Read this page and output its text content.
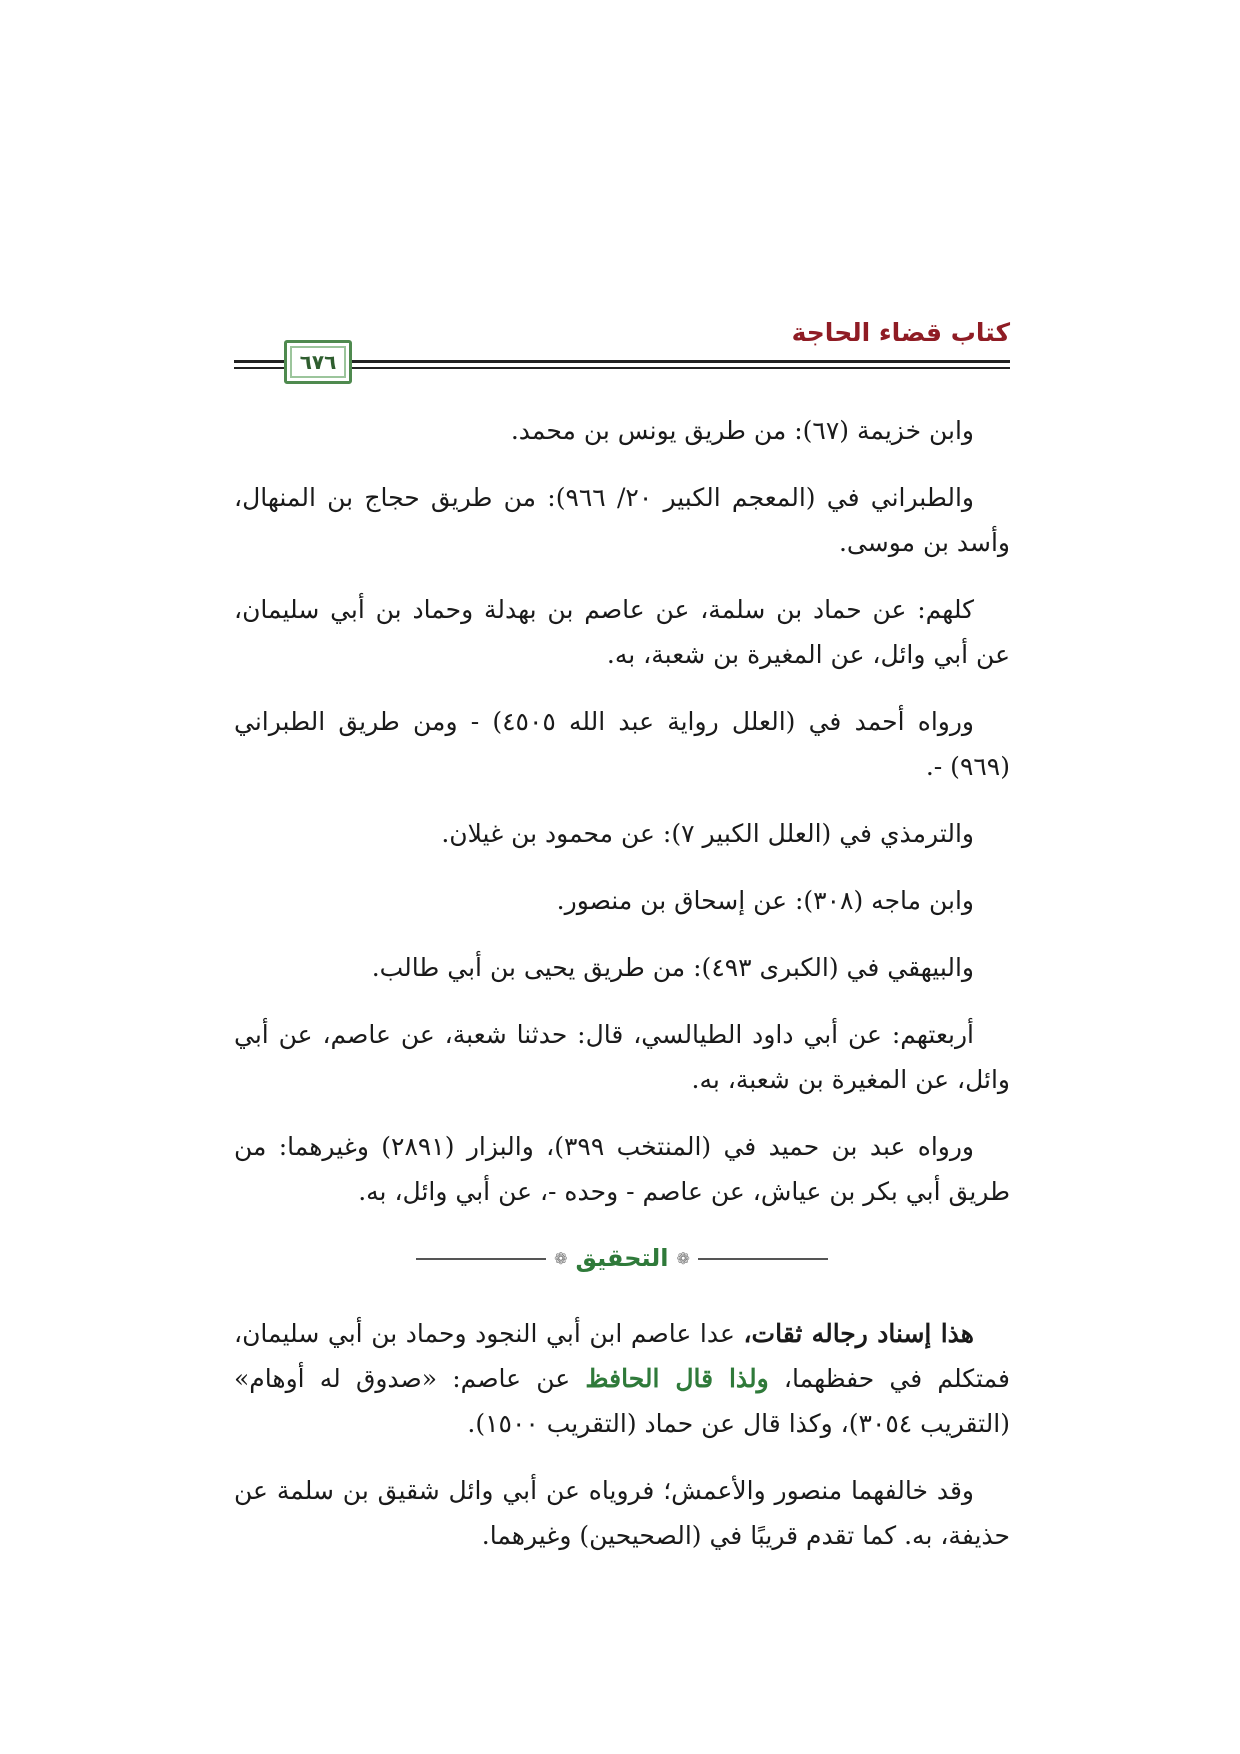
كتاب قضاء الحاجة
٦٧٦

وابن خزيمة (٦٧): من طريق يونس بن محمد.

والطبراني في (المعجم الكبير ٢٠/ ٩٦٦): من طريق حجاج بن المنهال، وأسد بن موسى.

كلهم: عن حماد بن سلمة، عن عاصم بن بهدلة وحماد بن أبي سليمان، عن أبي وائل، عن المغيرة بن شعبة، به.

ورواه أحمد في (العلل رواية عبد الله ٤٥٠٥) - ومن طريق الطبراني (٩٦٩) -.

والترمذي في (العلل الكبير ٧): عن محمود بن غيلان.

وابن ماجه (٣٠٨): عن إسحاق بن منصور.

والبيهقي في (الكبرى ٤٩٣): من طريق يحيى بن أبي طالب.

أربعتهم: عن أبي داود الطيالسي، قال: حدثنا شعبة، عن عاصم، عن أبي وائل، عن المغيرة بن شعبة، به.

ورواه عبد بن حميد في (المنتخب ٣٩٩)، والبزار (٢٨٩١) وغيرهما: من طريق أبي بكر بن عياش، عن عاصم - وحده -، عن أبي وائل، به.

❁
التحقيق
❁

هذا إسناد رجاله ثقات، عدا عاصم ابن أبي النجود وحماد بن أبي سليمان، فمتكلم في حفظهما، ولذا قال الحافظ عن عاصم: «صدوق له أوهام» (التقريب ٣٠٥٤)، وكذا قال عن حماد (التقريب ١٥٠٠).

وقد خالفهما منصور والأعمش؛ فروياه عن أبي وائل شقيق بن سلمة عن حذيفة، به. كما تقدم قريبًا في (الصحيحين) وغيرهما.
